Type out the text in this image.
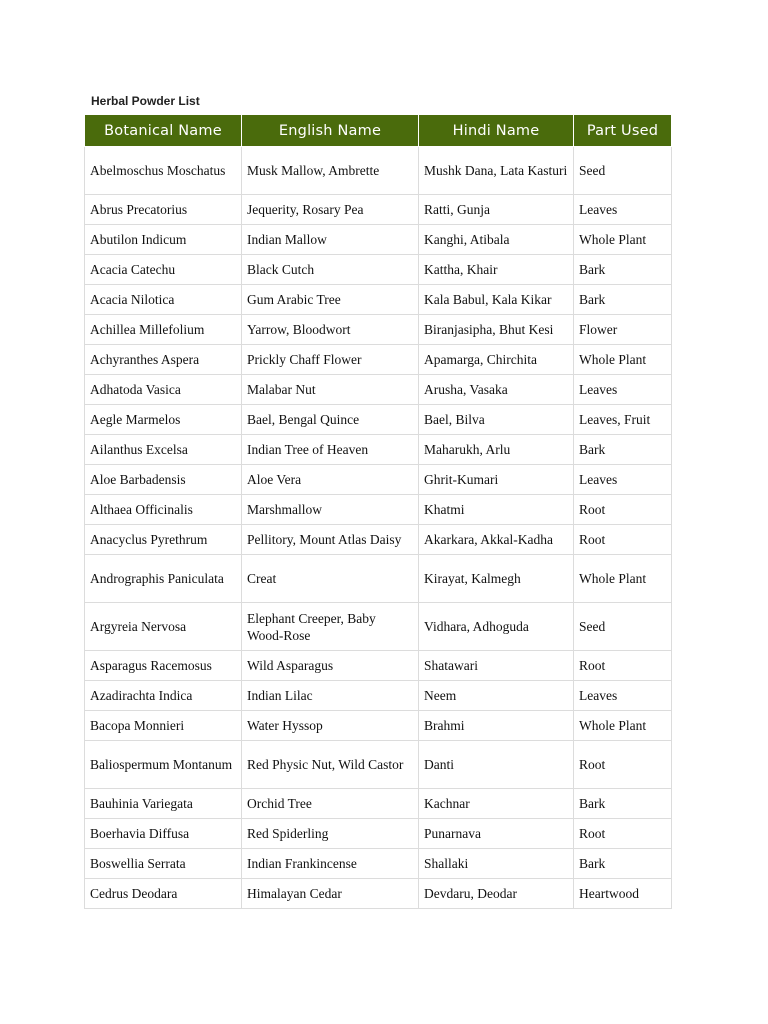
Herbal Powder List
Botanical Name	English Name	Hindi Name	Part Used
Abelmoschus Moschatus	Musk Mallow, Ambrette	Mushk Dana, Lata Kasturi	Seed
Abrus Precatorius	Jequerity, Rosary Pea	Ratti, Gunja	Leaves
Abutilon Indicum	Indian Mallow	Kanghi, Atibala	Whole Plant
Acacia Catechu	Black Cutch	Kattha, Khair	Bark
Acacia Nilotica	Gum Arabic Tree	Kala Babul, Kala Kikar	Bark
Achillea Millefolium	Yarrow, Bloodwort	Biranjasipha, Bhut Kesi	Flower
Achyranthes Aspera	Prickly Chaff Flower	Apamarga, Chirchita	Whole Plant
Adhatoda Vasica	Malabar Nut	Arusha, Vasaka	Leaves
Aegle Marmelos	Bael, Bengal Quince	Bael, Bilva	Leaves, Fruit
Ailanthus Excelsa	Indian Tree of Heaven	Maharukh, Arlu	Bark
Aloe Barbadensis	Aloe Vera	Ghrit-Kumari	Leaves
Althaea Officinalis	Marshmallow	Khatmi	Root
Anacyclus Pyrethrum	Pellitory, Mount Atlas Daisy	Akarkara, Akkal-Kadha	Root
Andrographis Paniculata	Creat	Kirayat, Kalmegh	Whole Plant
Argyreia Nervosa	Elephant Creeper, Baby Wood-Rose	Vidhara, Adhoguda	Seed
Asparagus Racemosus	Wild Asparagus	Shatawari	Root
Azadirachta Indica	Indian Lilac	Neem	Leaves
Bacopa Monnieri	Water Hyssop	Brahmi	Whole Plant
Baliospermum Montanum	Red Physic Nut, Wild Castor	Danti	Root
Bauhinia Variegata	Orchid Tree	Kachnar	Bark
Boerhavia Diffusa	Red Spiderling	Punarnava	Root
Boswellia Serrata	Indian Frankincense	Shallaki	Bark
Cedrus Deodara	Himalayan Cedar	Devdaru, Deodar	Heartwood
